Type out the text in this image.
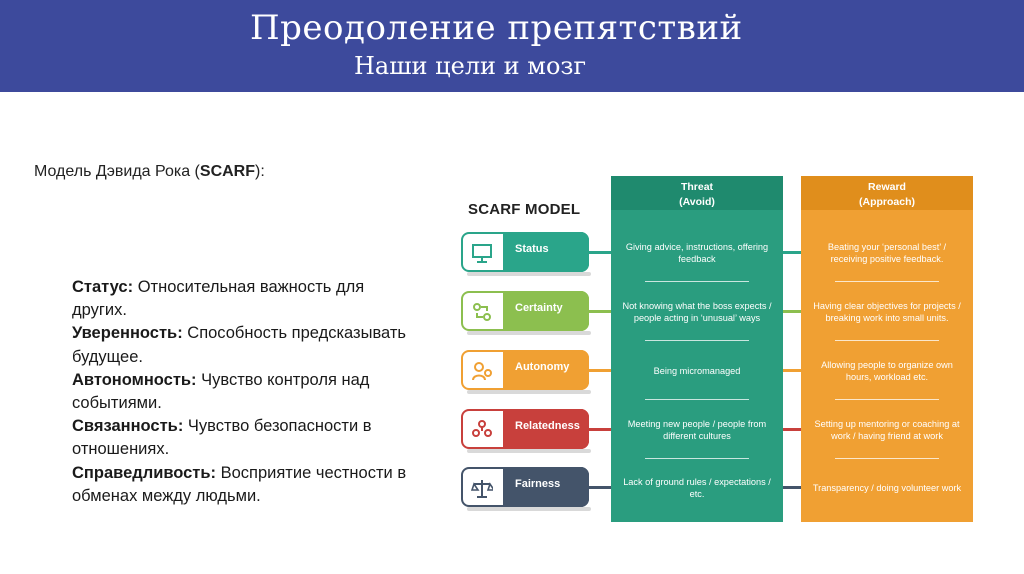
Преодоление препятствий
Наши цели и мозг
Модель Дэвида Рока (SCARF):
Статус: Относительная важность для других.
Уверенность: Способность предсказывать будущее.
Автономность: Чувство контроля над событиями.
Связанность: Чувство безопасности в отношениях.
Справедливость: Восприятие честности в обменах между людьми.
SCARF MODEL
Threat
(Avoid)
Giving advice, instructions, offering feedback
Not knowing what the boss expects / people acting in ‘unusual’ ways
Being micromanaged
Meeting new people / people from different cultures
Lack of ground rules / expectations / etc.
Reward
(Approach)
Beating your ‘personal best’ / receiving positive feedback.
Having clear objectives for projects / breaking work into small units.
Allowing people to organize own hours, workload etc.
Setting up mentoring or coaching at work / having friend at work
Transparency / doing volunteer work
Status
Certainty
Autonomy
Relatedness
Fairness
